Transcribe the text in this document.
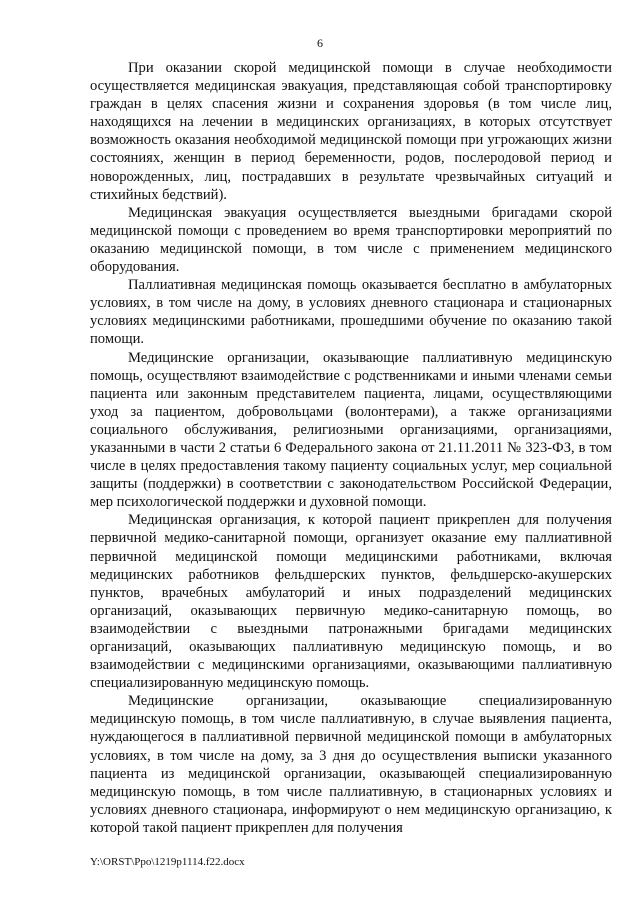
6

При оказании скорой медицинской помощи в случае необходимости осуществляется медицинская эвакуация, представляющая собой транспортировку граждан в целях спасения жизни и сохранения здоровья (в том числе лиц, находящихся на лечении в медицинских организациях, в которых отсутствует возможность оказания необходимой медицинской помощи при угрожающих жизни состояниях, женщин в период беременности, родов, послеродовой период и новорожденных, лиц, пострадавших в результате чрезвычайных ситуаций и стихийных бедствий).

Медицинская эвакуация осуществляется выездными бригадами скорой медицинской помощи с проведением во время транспортировки мероприятий по оказанию медицинской помощи, в том числе с применением медицинского оборудования.

Паллиативная медицинская помощь оказывается бесплатно в амбулаторных условиях, в том числе на дому, в условиях дневного стационара и стационарных условиях медицинскими работниками, прошедшими обучение по оказанию такой помощи.

Медицинские организации, оказывающие паллиативную медицинскую помощь, осуществляют взаимодействие с родственниками и иными членами семьи пациента или законным представителем пациента, лицами, осуществляющими уход за пациентом, добровольцами (волонтерами), а также организациями социального обслуживания, религиозными организациями, организациями, указанными в части 2 статьи 6 Федерального закона от 21.11.2011 № 323-ФЗ, в том числе в целях предоставления такому пациенту социальных услуг, мер социальной защиты (поддержки) в соответствии с законодательством Российской Федерации, мер психологической поддержки и духовной помощи.

Медицинская организация, к которой пациент прикреплен для получения первичной медико-санитарной помощи, организует оказание ему паллиативной первичной медицинской помощи медицинскими работниками, включая медицинских работников фельдшерских пунктов, фельдшерско-акушерских пунктов, врачебных амбулаторий и иных подразделений медицинских организаций, оказывающих первичную медико-санитарную помощь, во взаимодействии с выездными патронажными бригадами медицинских организаций, оказывающих паллиативную медицинскую помощь, и во взаимодействии с медицинскими организациями, оказывающими паллиативную специализированную медицинскую помощь.

Медицинские организации, оказывающие специализированную медицинскую помощь, в том числе паллиативную, в случае выявления пациента, нуждающегося в паллиативной первичной медицинской помощи в амбулаторных условиях, в том числе на дому, за 3 дня до осуществления выписки указанного пациента из медицинской организации, оказывающей специализированную медицинскую помощь, в том числе паллиативную, в стационарных условиях и условиях дневного стационара, информируют о нем медицинскую организацию, к которой такой пациент прикреплен для получения

Y:\ORST\Ppo\1219p1114.f22.docx
